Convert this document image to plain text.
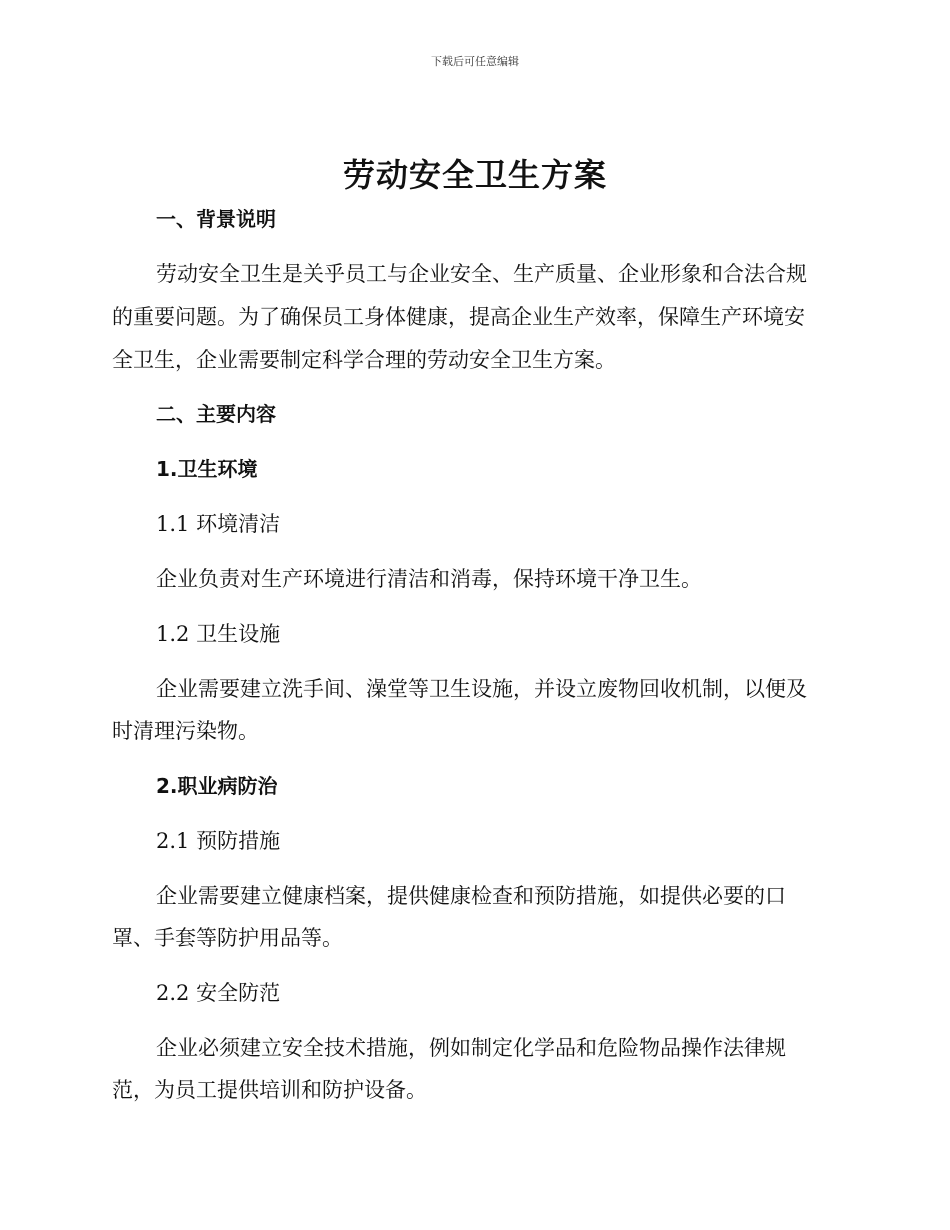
下载后可任意编辑
劳动安全卫生方案
一、背景说明
劳动安全卫生是关乎员工与企业安全、生产质量、企业形象和合法合规
的重要问题。为了确保员工身体健康，提高企业生产效率，保障生产环境安
全卫生，企业需要制定科学合理的劳动安全卫生方案。
二、主要内容
1.卫生环境
1.1 环境清洁
企业负责对生产环境进行清洁和消毒，保持环境干净卫生。
1.2 卫生设施
企业需要建立洗手间、澡堂等卫生设施，并设立废物回收机制，以便及
时清理污染物。
2.职业病防治
2.1 预防措施
企业需要建立健康档案，提供健康检查和预防措施，如提供必要的口
罩、手套等防护用品等。
2.2 安全防范
企业必须建立安全技术措施，例如制定化学品和危险物品操作法律规
范，为员工提供培训和防护设备。
